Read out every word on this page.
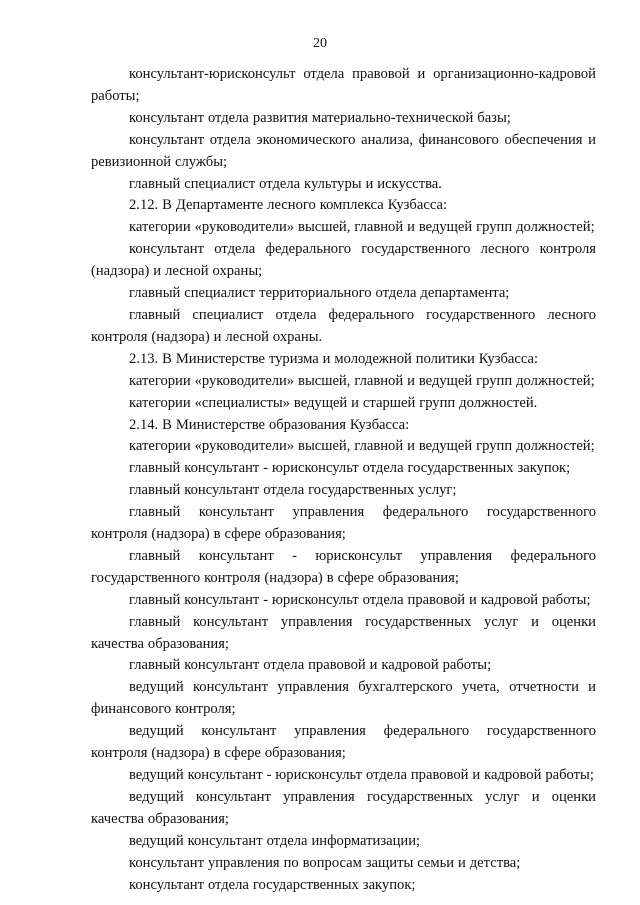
20

консультант-юрисконсульт отдела правовой и организационно-кадровой работы;

консультант отдела развития материально-технической базы;

консультант отдела экономического анализа, финансового обеспечения и ревизионной службы;

главный специалист отдела культуры и искусства.

2.12. В Департаменте лесного комплекса Кузбасса:

категории «руководители» высшей, главной и ведущей групп должностей;

консультант отдела федерального государственного лесного контроля (надзора) и лесной охраны;

главный специалист территориального отдела департамента;

главный специалист отдела федерального государственного лесного контроля (надзора) и лесной охраны.

2.13. В Министерстве туризма и молодежной политики Кузбасса:

категории «руководители» высшей, главной и ведущей групп должностей;

категории «специалисты» ведущей и старшей групп должностей.

2.14. В Министерстве образования Кузбасса:

категории «руководители» высшей, главной и ведущей групп должностей;

главный консультант - юрисконсульт отдела государственных закупок;

главный консультант отдела государственных услуг;

главный консультант управления федерального государственного контроля (надзора) в сфере образования;

главный консультант - юрисконсульт управления федерального государственного контроля (надзора) в сфере образования;

главный консультант - юрисконсульт отдела правовой и кадровой работы;

главный консультант управления государственных услуг и оценки качества образования;

главный консультант отдела правовой и кадровой работы;

ведущий консультант управления бухгалтерского учета, отчетности и финансового контроля;

ведущий консультант управления федерального государственного контроля (надзора) в сфере образования;

ведущий консультант - юрисконсульт отдела правовой и кадровой работы;

ведущий консультант управления государственных услуг и оценки качества образования;

ведущий консультант отдела информатизации;

консультант управления по вопросам защиты семьи и детства;

консультант отдела государственных закупок;
